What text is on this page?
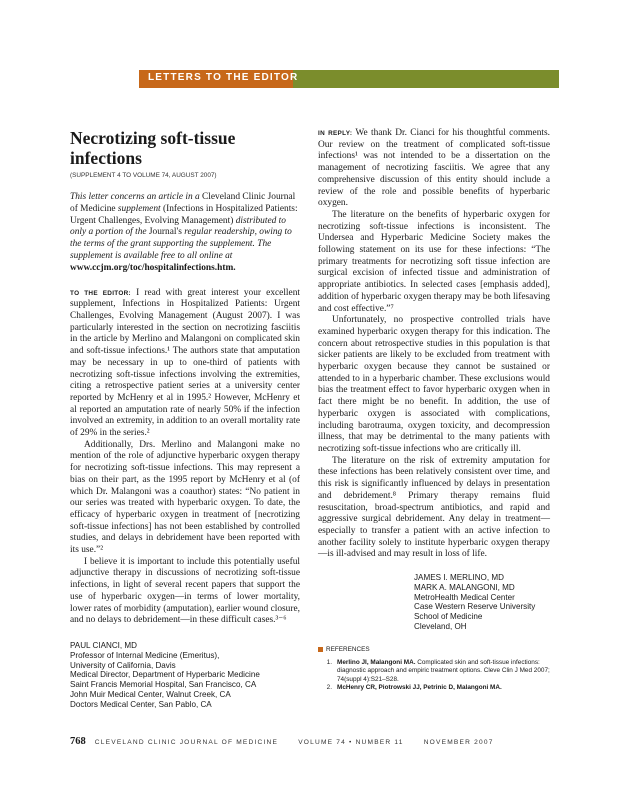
LETTERS TO THE EDITOR
Necrotizing soft-tissue infections
(SUPPLEMENT 4 TO VOLUME 74, AUGUST 2007)
This letter concerns an article in a Cleveland Clinic Journal of Medicine supplement (Infections in Hospitalized Patients: Urgent Challenges, Evolving Management) distributed to only a portion of the Journal's regular readership, owing to the terms of the grant supporting the supplement. The supplement is available free to all online at www.ccjm.org/toc/hospitalinfections.htm.

TO THE EDITOR: I read with great interest your excellent supplement, Infections in Hospitalized Patients: Urgent Challenges, Evolving Management (August 2007). I was particularly interested in the section on necrotizing fasciitis in the article by Merlino and Malangoni on complicated skin and soft-tissue infections.¹ The authors state that amputation may be necessary in up to one-third of patients with necrotizing soft-tissue infections involving the extremities, citing a retrospective patient series at a university center reported by McHenry et al in 1995.² However, McHenry et al reported an amputation rate of nearly 50% if the infection involved an extremity, in addition to an overall mortality rate of 29% in the series.²

Additionally, Drs. Merlino and Malangoni make no mention of the role of adjunctive hyperbaric oxygen therapy for necrotizing soft-tissue infections. This may represent a bias on their part, as the 1995 report by McHenry et al (of which Dr. Malangoni was a coauthor) states: “No patient in our series was treated with hyperbaric oxygen. To date, the efficacy of hyperbaric oxygen in treatment of [necrotizing soft-tissue infections] has not been established by controlled studies, and delays in debridement have been reported with its use.”²

I believe it is important to include this potentially useful adjunctive therapy in discussions of necrotizing soft-tissue infections, in light of several recent papers that support the use of hyperbaric oxygen—in terms of lower mortality, lower rates of morbidity (amputation), earlier wound closure, and no delays to debridement—in these difficult cases.³⁻⁶

PAUL CIANCI, MD
Professor of Internal Medicine (Emeritus),
University of California, Davis
Medical Director, Department of Hyperbaric Medicine
Saint Francis Memorial Hospital, San Francisco, CA
John Muir Medical Center, Walnut Creek, CA
Doctors Medical Center, San Pablo, CA

IN REPLY: We thank Dr. Cianci for his thoughtful comments. Our review on the treatment of complicated soft-tissue infections¹ was not intended to be a dissertation on the management of necrotizing fasciitis. We agree that any comprehensive discussion of this entity should include a review of the role and possible benefits of hyperbaric oxygen.

The literature on the benefits of hyperbaric oxygen for necrotizing soft-tissue infections is inconsistent. The Undersea and Hyperbaric Medicine Society makes the following statement on its use for these infections: “The primary treatments for necrotizing soft tissue infection are surgical excision of infected tissue and administration of appropriate antibiotics. In selected cases [emphasis added], addition of hyperbaric oxygen therapy may be both lifesaving and cost effective.”⁷

Unfortunately, no prospective controlled trials have examined hyperbaric oxygen therapy for this indication. The concern about retrospective studies in this population is that sicker patients are likely to be excluded from treatment with hyperbaric oxygen because they cannot be sustained or attended to in a hyperbaric chamber. These exclusions would bias the treatment effect to favor hyperbaric oxygen when in fact there might be no benefit. In addition, the use of hyperbaric oxygen is associated with complications, including barotrauma, oxygen toxicity, and decompression illness, that may be detrimental to the many patients with necrotizing soft-tissue infections who are critically ill.

The literature on the risk of extremity amputation for these infections has been relatively consistent over time, and this risk is significantly influenced by delays in presentation and debridement.⁸ Primary therapy remains fluid resuscitation, broad-spectrum antibiotics, and rapid and aggressive surgical debridement. Any delay in treatment—especially to transfer a patient with an active infection to another facility solely to institute hyperbaric oxygen therapy—is ill-advised and may result in loss of life.

JAMES I. MERLINO, MD
MARK A. MALANGONI, MD
MetroHealth Medical Center
Case Western Reserve University
School of Medicine
Cleveland, OH
REFERENCES
1. Merlino JI, Malangoni MA. Complicated skin and soft-tissue infections: diagnostic approach and empiric treatment options. Cleve Clin J Med 2007; 74(suppl 4):S21–S28.
2. McHenry CR, Piotrowski JJ, Petrinic D, Malangoni MA.
768 CLEVELAND CLINIC JOURNAL OF MEDICINE	VOLUME 74 • NUMBER 11	NOVEMBER 2007
